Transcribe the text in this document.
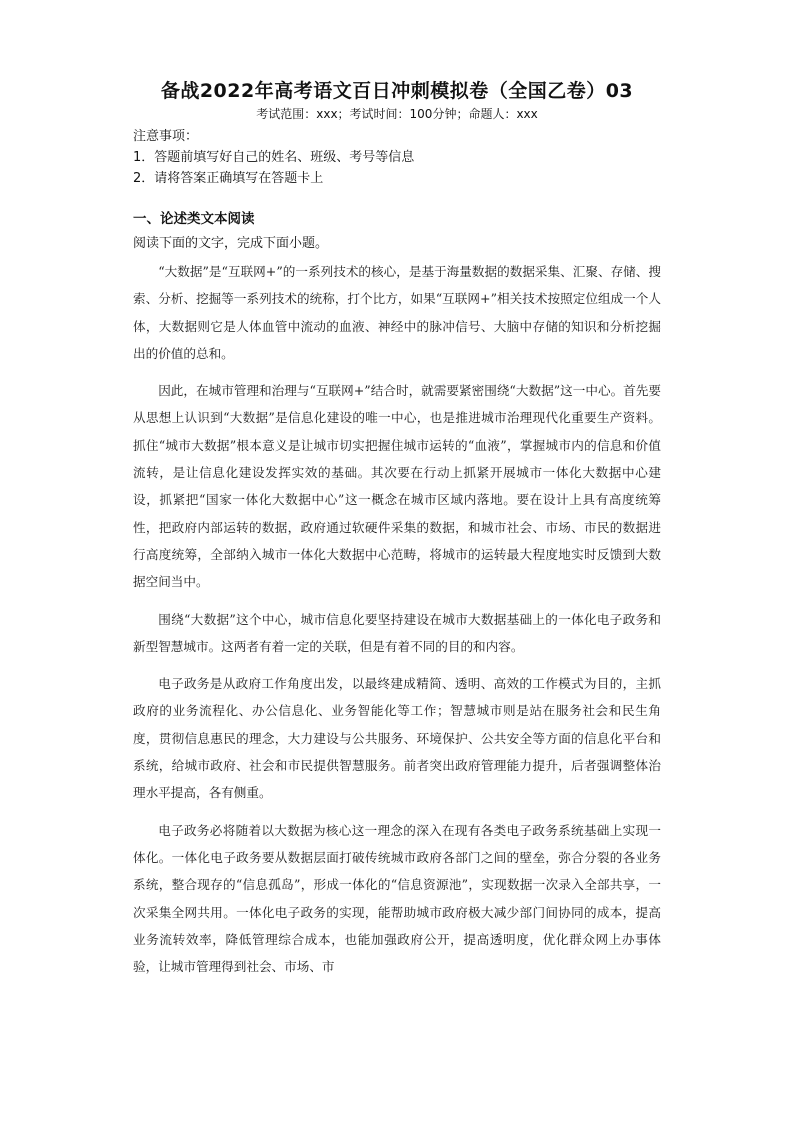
备战2022年高考语文百日冲刺模拟卷（全国乙卷）03
考试范围：xxx；考试时间：100分钟；命题人：xxx
注意事项：
1．答题前填写好自己的姓名、班级、考号等信息
2．请将答案正确填写在答题卡上
一、论述类文本阅读
阅读下面的文字，完成下面小题。

“大数据”是“互联网+”的一系列技术的核心，是基于海量数据的数据采集、汇聚、存储、搜索、分析、挖掘等一系列技术的统称，打个比方，如果“互联网+”相关技术按照定位组成一个人体，大数据则它是人体血管中流动的血液、神经中的脉冲信号、大脑中存储的知识和分析挖掘出的价值的总和。

因此，在城市管理和治理与“互联网+”结合时，就需要紧密围绕“大数据”这一中心。首先要从思想上认识到“大数据”是信息化建设的唯一中心，也是推进城市治理现代化重要生产资料。抓住“城市大数据”根本意义是让城市切实把握住城市运转的“血液”，掌握城市内的信息和价值流转，是让信息化建设发挥实效的基础。其次要在行动上抓紧开展城市一体化大数据中心建设，抓紧把“国家一体化大数据中心”这一概念在城市区域内落地。要在设计上具有高度统筹性，把政府内部运转的数据，政府通过软硬件采集的数据，和城市社会、市场、市民的数据进行高度统筹，全部纳入城市一体化大数据中心范畴，将城市的运转最大程度地实时反馈到大数据空间当中。

围绕“大数据”这个中心，城市信息化要坚持建设在城市大数据基础上的一体化电子政务和新型智慧城市。这两者有着一定的关联，但是有着不同的目的和内容。

电子政务是从政府工作角度出发，以最终建成精简、透明、高效的工作模式为目的，主抓政府的业务流程化、办公信息化、业务智能化等工作；智慧城市则是站在服务社会和民生角度，贯彻信息惠民的理念，大力建设与公共服务、环境保护、公共安全等方面的信息化平台和系统，给城市政府、社会和市民提供智慧服务。前者突出政府管理能力提升，后者强调整体治理水平提高，各有侧重。

电子政务必将随着以大数据为核心这一理念的深入在现有各类电子政务系统基础上实现一体化。一体化电子政务要从数据层面打破传统城市政府各部门之间的壁垒，弥合分裂的各业务系统，整合现存的“信息孤岛”，形成一体化的“信息资源池”，实现数据一次录入全部共享，一次采集全网共用。一体化电子政务的实现，能帮助城市政府极大减少部门间协同的成本，提高业务流转效率，降低管理综合成本，也能加强政府公开，提高透明度，优化群众网上办事体验，让城市管理得到社会、市场、市
